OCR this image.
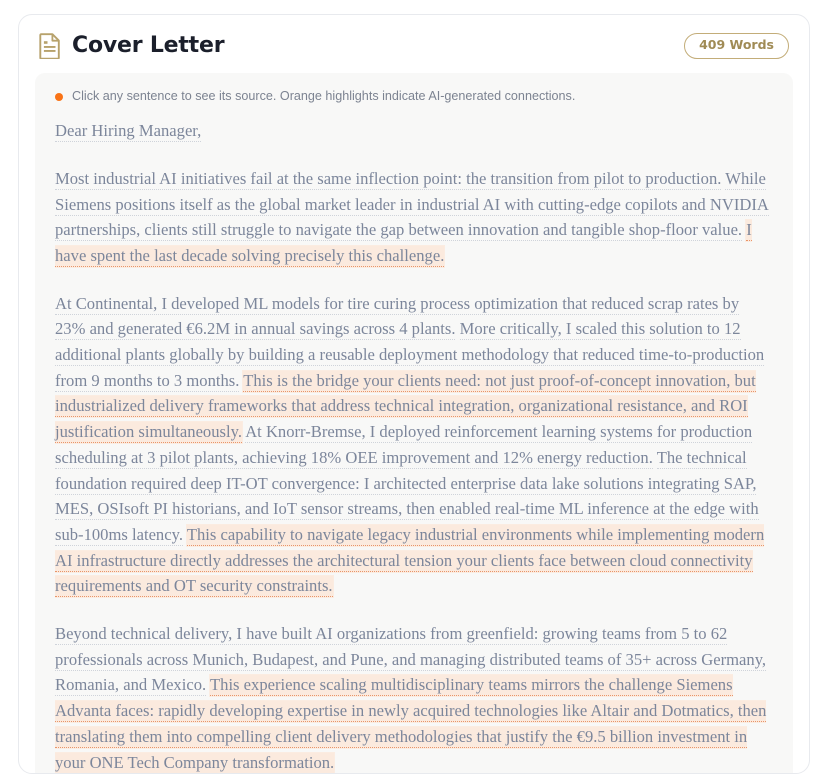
Cover Letter	409 Words
Click any sentence to see its source. Orange highlights indicate AI-generated connections.

Dear Hiring Manager,

Most industrial AI initiatives fail at the same inflection point: the transition from pilot to production. While Siemens positions itself as the global market leader in industrial AI with cutting-edge copilots and NVIDIA partnerships, clients still struggle to navigate the gap between innovation and tangible shop-floor value. I have spent the last decade solving precisely this challenge.

At Continental, I developed ML models for tire curing process optimization that reduced scrap rates by 23% and generated €6.2M in annual savings across 4 plants. More critically, I scaled this solution to 12 additional plants globally by building a reusable deployment methodology that reduced time-to-production from 9 months to 3 months. This is the bridge your clients need: not just proof-of-concept innovation, but industrialized delivery frameworks that address technical integration, organizational resistance, and ROI justification simultaneously. At Knorr-Bremse, I deployed reinforcement learning systems for production scheduling at 3 pilot plants, achieving 18% OEE improvement and 12% energy reduction. The technical foundation required deep IT-OT convergence: I architected enterprise data lake solutions integrating SAP, MES, OSIsoft PI historians, and IoT sensor streams, then enabled real-time ML inference at the edge with sub-100ms latency. This capability to navigate legacy industrial environments while implementing modern AI infrastructure directly addresses the architectural tension your clients face between cloud connectivity requirements and OT security constraints.

Beyond technical delivery, I have built AI organizations from greenfield: growing teams from 5 to 62 professionals across Munich, Budapest, and Pune, and managing distributed teams of 35+ across Germany, Romania, and Mexico. This experience scaling multidisciplinary teams mirrors the challenge Siemens Advanta faces: rapidly developing expertise in newly acquired technologies like Altair and Dotmatics, then translating them into compelling client delivery methodologies that justify the €9.5 billion investment in your ONE Tech Company transformation.
